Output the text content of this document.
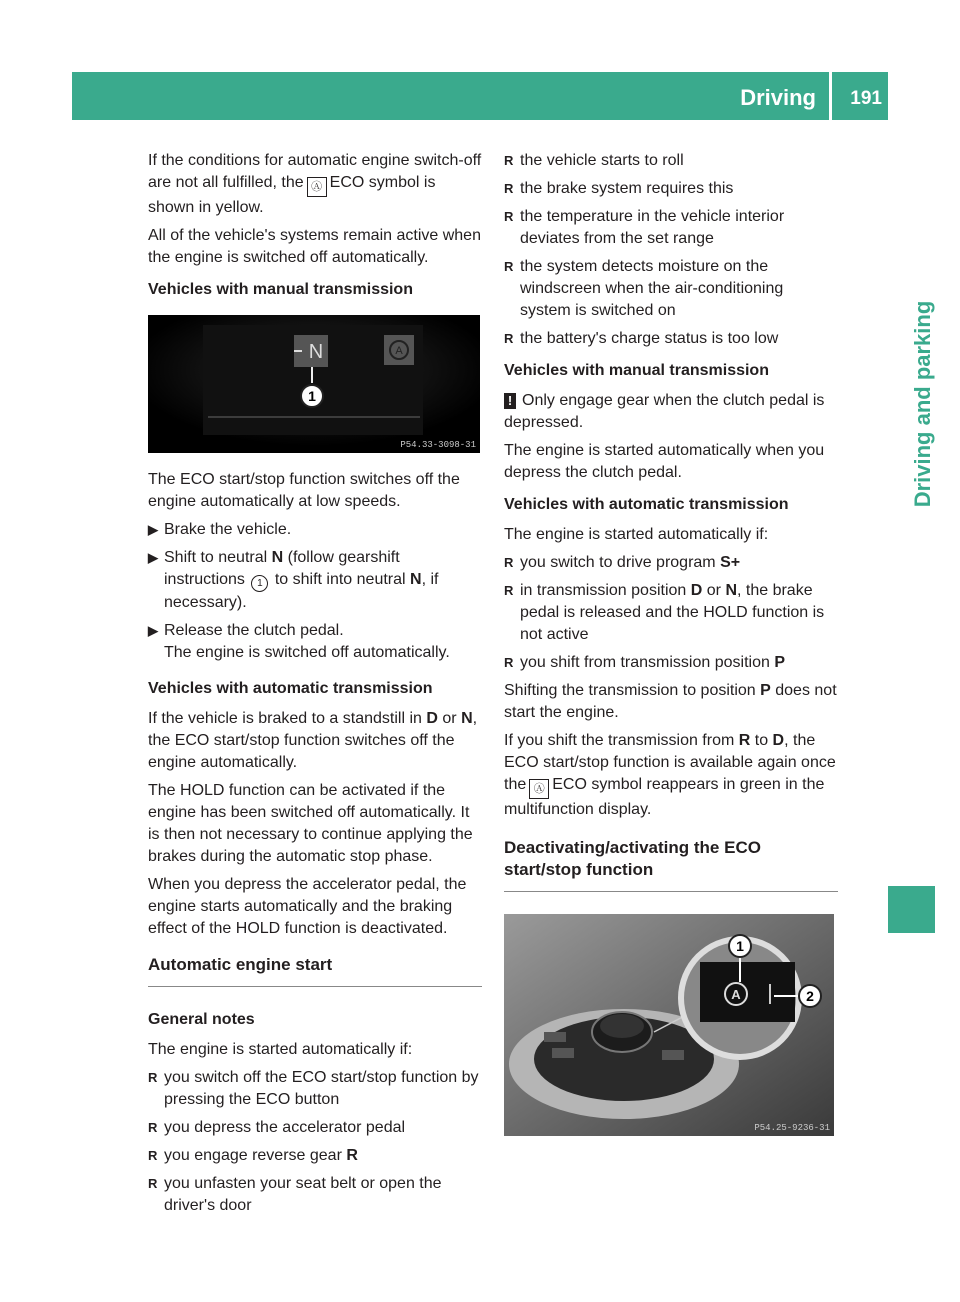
Driving 191
Driving and parking

If the conditions for automatic engine switch-off are not all fulfilled, the Ⓐ ECO symbol is shown in yellow.

All of the vehicle's systems remain active when the engine is switched off automatically.

Vehicles with manual transmission

A
N
1
P54.33-3098-31

The ECO start/stop function switches off the engine automatically at low speeds.

▶ Brake the vehicle.
▶ Shift to neutral N (follow gearshift instructions 1 to shift into neutral N, if necessary).
▶ Release the clutch pedal.
The engine is switched off automatically.

Vehicles with automatic transmission

If the vehicle is braked to a standstill in D or N, the ECO start/stop function switches off the engine automatically.

The HOLD function can be activated if the engine has been switched off automatically. It is then not necessary to continue applying the brakes during the automatic stop phase.

When you depress the accelerator pedal, the engine starts automatically and the braking effect of the HOLD function is deactivated.

Automatic engine start

General notes

The engine is started automatically if:

R you switch off the ECO start/stop function by pressing the ECO button
R you depress the accelerator pedal
R you engage reverse gear R
R you unfasten your seat belt or open the driver's door
R the vehicle starts to roll
R the brake system requires this
R the temperature in the vehicle interior deviates from the set range
R the system detects moisture on the windscreen when the air-conditioning system is switched on
R the battery's charge status is too low

Vehicles with manual transmission

! Only engage gear when the clutch pedal is depressed.

The engine is started automatically when you depress the clutch pedal.

Vehicles with automatic transmission

The engine is started automatically if:

R you switch to drive program S+
R in transmission position D or N, the brake pedal is released and the HOLD function is not active
R you shift from transmission position P

Shifting the transmission to position P does not start the engine.

If you shift the transmission from R to D, the ECO start/stop function is available again once the Ⓐ ECO symbol reappears in green in the multifunction display.

Deactivating/activating the ECO start/stop function
A
1
2
P54.25-9236-31
